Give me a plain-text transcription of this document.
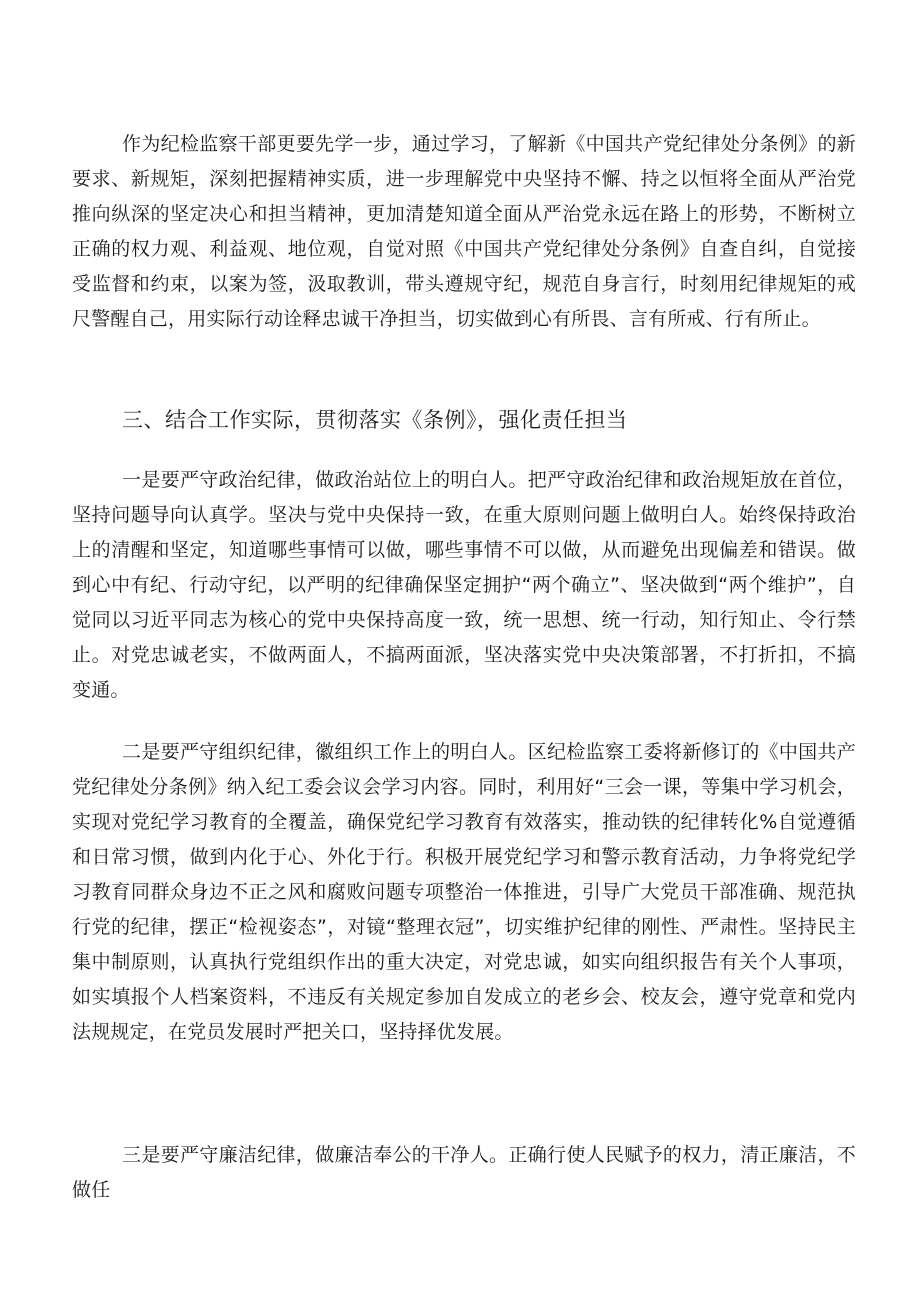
作为纪检监察干部更要先学一步，通过学习，了解新《中国共产党纪律处分条例》的新要求、新规矩，深刻把握精神实质，进一步理解党中央坚持不懈、持之以恒将全面从严治党推向纵深的坚定决心和担当精神，更加清楚知道全面从严治党永远在路上的形势，不断树立正确的权力观、利益观、地位观，自觉对照《中国共产党纪律处分条例》自查自纠，自觉接受监督和约束，以案为签，汲取教训，带头遵规守纪，规范自身言行，时刻用纪律规矩的戒尺警醒自己，用实际行动诠释忠诚干净担当，切实做到心有所畏、言有所戒、行有所止。

三、结合工作实际，贯彻落实《条例》，强化责任担当

一是要严守政治纪律，做政治站位上的明白人。把严守政治纪律和政治规矩放在首位，坚持问题导向认真学。坚决与党中央保持一致，在重大原则问题上做明白人。始终保持政治上的清醒和坚定，知道哪些事情可以做，哪些事情不可以做，从而避免出现偏差和错误。做到心中有纪、行动守纪，以严明的纪律确保坚定拥护“两个确立”、坚决做到“两个维护”，自觉同以习近平同志为核心的党中央保持高度一致，统一思想、统一行动，知行知止、令行禁止。对党忠诚老实，不做两面人，不搞两面派，坚决落实党中央决策部署，不打折扣，不搞变通。

二是要严守组织纪律，徽组织工作上的明白人。区纪检监察工委将新修订的《中国共产党纪律处分条例》纳入纪工委会议会学习内容。同时，利用好“三会一课，等集中学习机会，实现对党纪学习教育的全覆盖，确保党纪学习教育有效落实，推动铁的纪律转化%自觉遵循和日常习惯，做到内化于心、外化于行。积极开展党纪学习和警示教育活动，力争将党纪学习教育同群众身边不正之风和腐败问题专项整治一体推进，引导广大党员干部准确、规范执行党的纪律，摆正“检视姿态”，对镜“整理衣冠”，切实维护纪律的刚性、严肃性。坚持民主集中制原则，认真执行党组织作出的重大决定，对党忠诚，如实向组织报告有关个人事项，如实填报个人档案资料，不违反有关规定参加自发成立的老乡会、校友会，遵守党章和党内法规规定，在党员发展时严把关口，坚持择优发展。

三是要严守廉洁纪律，做廉洁奉公的干净人。正确行使人民赋予的权力，清正廉洁，不做任
